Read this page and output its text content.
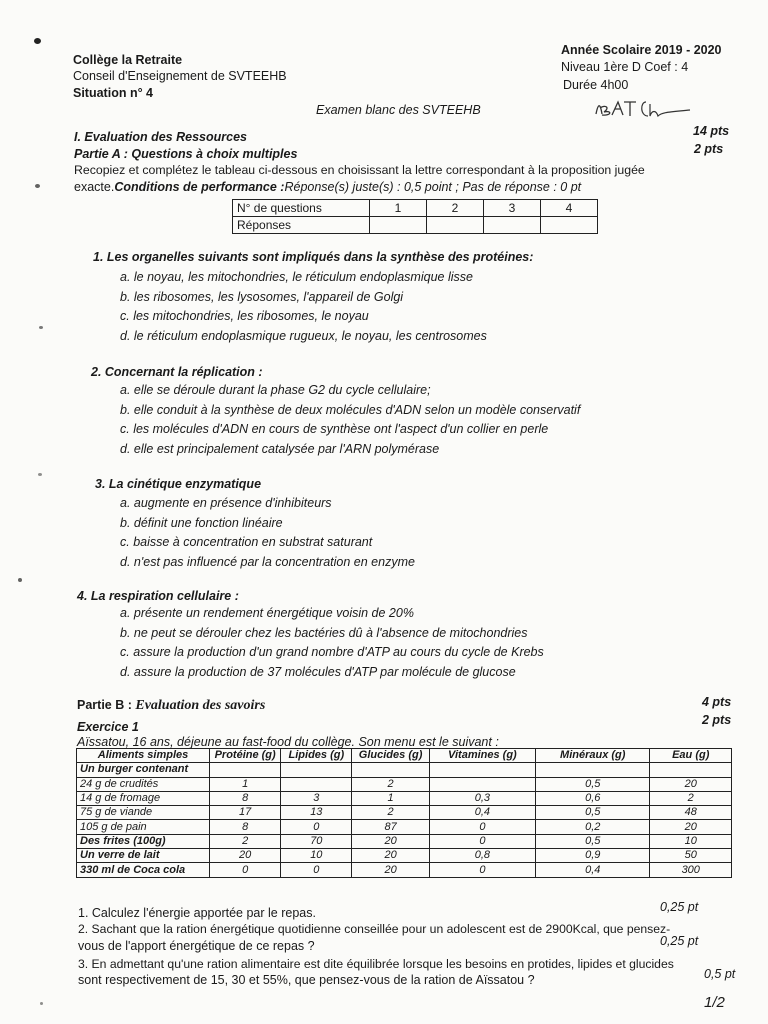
Collège la Retraite
Conseil d'Enseignement de SVTEEHB
Situation n° 4
Année Scolaire 2019 - 2020
Niveau 1ère D Coef : 4
Durée 4h00
Examen blanc des SVTEEHB
I. Evaluation des Ressources	14 pts
Partie A : Questions à choix multiples	2 pts
Recopiez et complétez le tableau ci-dessous en choisissant la lettre correspondant à la proposition jugée
exacte.Conditions de performance :Réponse(s) juste(s) : 0,5 point ; Pas de réponse : 0 pt
N° de questions	1	2	3	4
Réponses				
1. Les organelles suivants sont impliqués dans la synthèse des protéines:
a. le noyau, les mitochondries, le réticulum endoplasmique lisse
b. les ribosomes, les lysosomes, l'appareil de Golgi
c. les mitochondries, les ribosomes, le noyau
d. le réticulum endoplasmique rugueux, le noyau, les centrosomes
2. Concernant la réplication :
a. elle se déroule durant la phase G2 du cycle cellulaire;
b. elle conduit à la synthèse de deux molécules d'ADN selon un modèle conservatif
c. les molécules d'ADN en cours de synthèse ont l'aspect d'un collier en perle
d. elle est principalement catalysée par l'ARN polymérase
3. La cinétique enzymatique
a. augmente en présence d'inhibiteurs
b. définit une fonction linéaire
c. baisse à concentration en substrat saturant
d. n'est pas influencé par la concentration en enzyme
4. La respiration cellulaire :
a. présente un rendement énergétique voisin de 20%
b. ne peut se dérouler chez les bactéries dû à l'absence de mitochondries
c. assure la production d'un grand nombre d'ATP au cours du cycle de Krebs
d. assure la production de 37 molécules d'ATP par molécule de glucose
Partie B : Evaluation des savoirs	4 pts
Exercice 1	2 pts
Aïssatou, 16 ans, déjeune au fast-food du collège. Son menu est le suivant :
Aliments simples	Protéine (g)	Lipides (g)	Glucides (g)	Vitamines (g)	Minéraux (g)	Eau (g)
Un burger contenant						
24 g de crudités	1		2		0,5	20
14 g de fromage	8	3	1	0,3	0,6	2
75 g de viande	17	13	2	0,4	0,5	48
105 g de pain	8	0	87	0	0,2	20
Des frites (100g)	2	70	20	0	0,5	10
Un verre de lait	20	10	20	0,8	0,9	50
330 ml de Coca cola	0	0	20	0	0,4	300
1. Calculez l'énergie apportée par le repas.	0,25 pt
2. Sachant que la ration énergétique quotidienne conseillée pour un adolescent est de 2900Kcal, que pensez-
vous de l'apport énergétique de ce repas ?	0,25 pt
3. En admettant qu'une ration alimentaire est dite équilibrée lorsque les besoins en protides, lipides et glucides
sont respectivement de 15, 30 et 55%, que pensez-vous de la ration de Aïssatou ?	0,5 pt
1/2
